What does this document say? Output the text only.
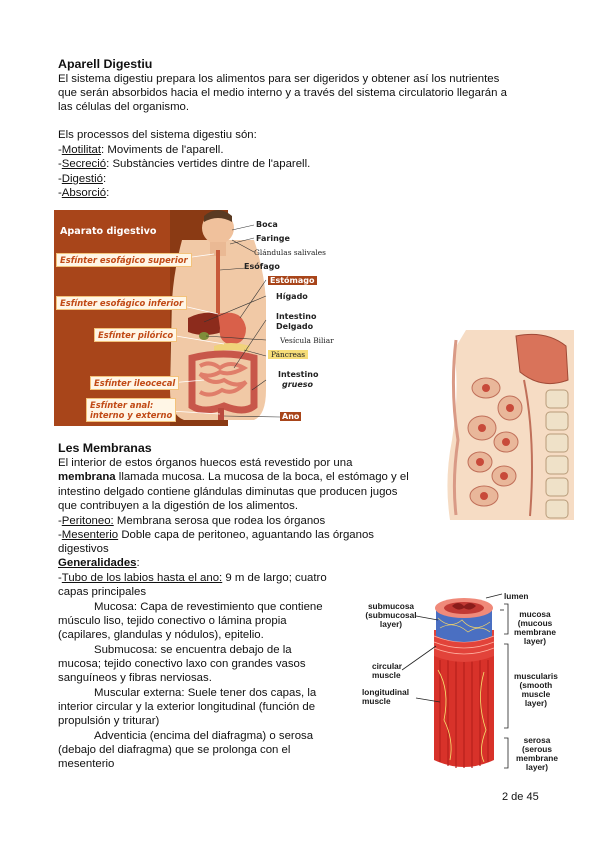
Aparell Digestiu
El sistema digestiu prepara los alimentos para ser digeridos y obtener así los nutrientes
que serán absorbidos hacia el medio interno y a través del sistema circulatorio llegarán a
las células del organismo.
Els processos del sistema digestiu són:
-Motilitat: Moviments de l'aparell.
-Secreció: Substàncies vertides dintre de l'aparell.
-Digestió:
-Absorció:
Aparato digestivo
Esfínter esofágico superior
Esfínter esofágico inferior
Esfínter pilórico
Esfínter ileocecal
Esfínter anal:
interno y externo
Boca
Faringe
Glándulas salivales
Esófago
Estómago
Hígado
Intestino
Delgado
Vesícula Biliar
Páncreas
Intestino
grueso
Ano
Les Membranas
El interior de estos órganos huecos está revestido por una
membrana llamada mucosa. La mucosa de la boca, el estómago y el
intestino delgado contiene glándulas diminutas que producen jugos
que contribuyen a la digestión de los alimentos.
-Peritoneo: Membrana serosa que rodea los órganos
-Mesenterio Doble capa de peritoneo, aguantando las órganos
digestivos
Generalidades:
-Tubo de los labios hasta el ano: 9 m de largo; cuatro
capas principales
Mucosa: Capa de revestimiento que contiene
músculo liso, tejido conectivo o lámina propia
(capilares, glandulas y nódulos), epitelio.
Submucosa: se encuentra debajo de la
mucosa; tejido conectivo laxo con grandes vasos
sanguíneos y fibras nerviosas.
Muscular externa: Suele tener dos capas, la
interior circular y la exterior longitudinal (función de
propulsión y triturar)
Adventicia (encima del diafragma) o serosa
(debajo del diafragma) que se prolonga con el
mesenterio
lumen
submucosa
(submucosal
layer)
circular
muscle
longitudinal
muscle
mucosa
(mucous
membrane
layer)
muscularis
(smooth
muscle
layer)
serosa
(serous
membrane
layer)
2 de 45
